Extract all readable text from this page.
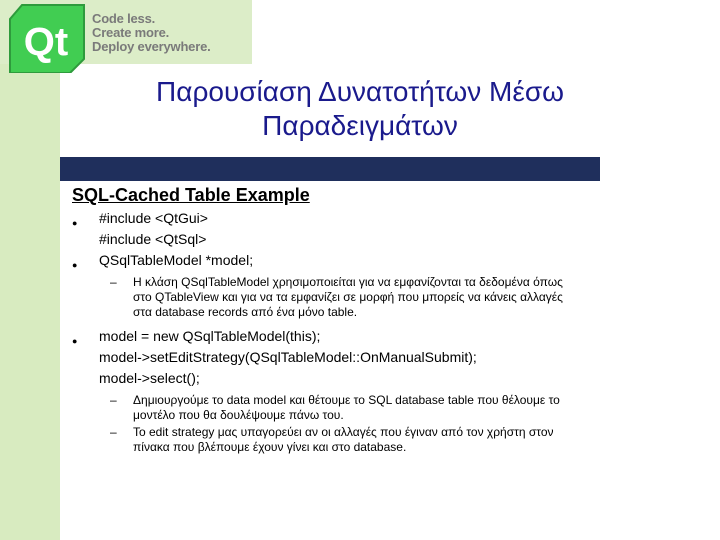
Qt
Code less.
Create more.
Deploy everywhere.
Παρουσίαση Δυνατοτήτων Μέσω
Παραδειγμάτων
SQL-Cached Table Example
● #include <QtGui>
#include <QtSql>
● QSqlTableModel *model;
– Η κλάση QSqlTableModel χρησιμοποιείται για να εμφανίζονται τα δεδομένα όπως
στο QTableView και για να τα εμφανίζει σε μορφή που μπορείς να κάνεις αλλαγές
στα database records από ένα μόνο table.
● model = new QSqlTableModel(this);
model->setEditStrategy(QSqlTableModel::OnManualSubmit);
model->select();
– Δημιουργούμε το data model και θέτουμε το SQL database table που θέλουμε το
μοντέλο που θα δουλέψουμε πάνω του.
– To edit strategy μας υπαγορεύει αν οι αλλαγές που έγιναν από τον χρήστη στον
πίνακα που βλέπουμε έχουν γίνει και στο database.
